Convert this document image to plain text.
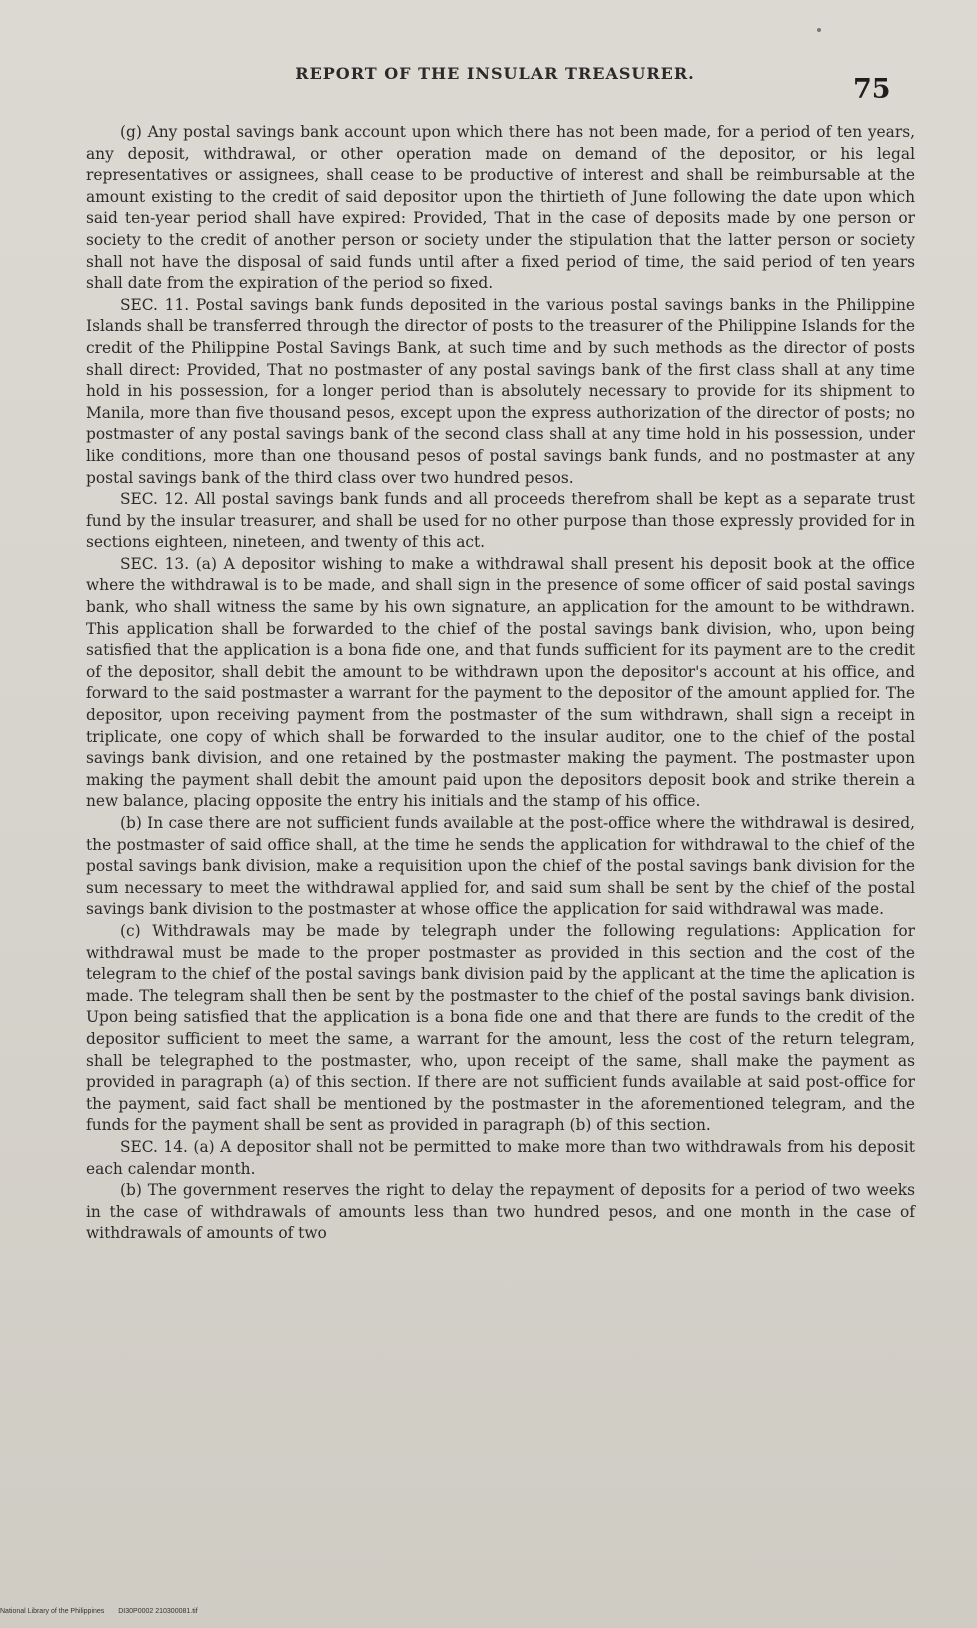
REPORT OF THE INSULAR TREASURER.
75

(g) Any postal savings bank account upon which there has not been made, for a period of ten years, any deposit, withdrawal, or other operation made on demand of the depositor, or his legal representatives or assignees, shall cease to be productive of interest and shall be reimbursable at the amount existing to the credit of said depositor upon the thirtieth of June following the date upon which said ten-year period shall have expired: Provided, That in the case of deposits made by one person or society to the credit of another person or society under the stipulation that the latter person or society shall not have the disposal of said funds until after a fixed period of time, the said period of ten years shall date from the expiration of the period so fixed.

SEC. 11. Postal savings bank funds deposited in the various postal savings banks in the Philippine Islands shall be transferred through the director of posts to the treasurer of the Philippine Islands for the credit of the Philippine Postal Savings Bank, at such time and by such methods as the director of posts shall direct: Provided, That no postmaster of any postal savings bank of the first class shall at any time hold in his possession, for a longer period than is absolutely necessary to provide for its shipment to Manila, more than five thousand pesos, except upon the express authorization of the director of posts; no postmaster of any postal savings bank of the second class shall at any time hold in his possession, under like conditions, more than one thousand pesos of postal savings bank funds, and no postmaster at any postal savings bank of the third class over two hundred pesos.

SEC. 12. All postal savings bank funds and all proceeds therefrom shall be kept as a separate trust fund by the insular treasurer, and shall be used for no other purpose than those expressly provided for in sections eighteen, nineteen, and twenty of this act.

SEC. 13. (a) A depositor wishing to make a withdrawal shall present his deposit book at the office where the withdrawal is to be made, and shall sign in the presence of some officer of said postal savings bank, who shall witness the same by his own signature, an application for the amount to be withdrawn. This application shall be forwarded to the chief of the postal savings bank division, who, upon being satisfied that the application is a bona fide one, and that funds sufficient for its payment are to the credit of the depositor, shall debit the amount to be withdrawn upon the depositor's account at his office, and forward to the said postmaster a warrant for the payment to the depositor of the amount applied for. The depositor, upon receiving payment from the postmaster of the sum withdrawn, shall sign a receipt in triplicate, one copy of which shall be forwarded to the insular auditor, one to the chief of the postal savings bank division, and one retained by the postmaster making the payment. The postmaster upon making the payment shall debit the amount paid upon the depositors deposit book and strike therein a new balance, placing opposite the entry his initials and the stamp of his office.

(b) In case there are not sufficient funds available at the post-office where the withdrawal is desired, the postmaster of said office shall, at the time he sends the application for withdrawal to the chief of the postal savings bank division, make a requisition upon the chief of the postal savings bank division for the sum necessary to meet the withdrawal applied for, and said sum shall be sent by the chief of the postal savings bank division to the postmaster at whose office the application for said withdrawal was made.

(c) Withdrawals may be made by telegraph under the following regulations: Application for withdrawal must be made to the proper postmaster as provided in this section and the cost of the telegram to the chief of the postal savings bank division paid by the applicant at the time the aplication is made. The telegram shall then be sent by the postmaster to the chief of the postal savings bank division. Upon being satisfied that the application is a bona fide one and that there are funds to the credit of the depositor sufficient to meet the same, a warrant for the amount, less the cost of the return telegram, shall be telegraphed to the postmaster, who, upon receipt of the same, shall make the payment as provided in paragraph (a) of this section. If there are not sufficient funds available at said post-office for the payment, said fact shall be mentioned by the postmaster in the aforementioned telegram, and the funds for the payment shall be sent as provided in paragraph (b) of this section.

SEC. 14. (a) A depositor shall not be permitted to make more than two withdrawals from his deposit each calendar month.

(b) The government reserves the right to delay the repayment of deposits for a period of two weeks in the case of withdrawals of amounts less than two hundred pesos, and one month in the case of withdrawals of amounts of two

National Library of the Philippines DI30P0002 210300081.tif
